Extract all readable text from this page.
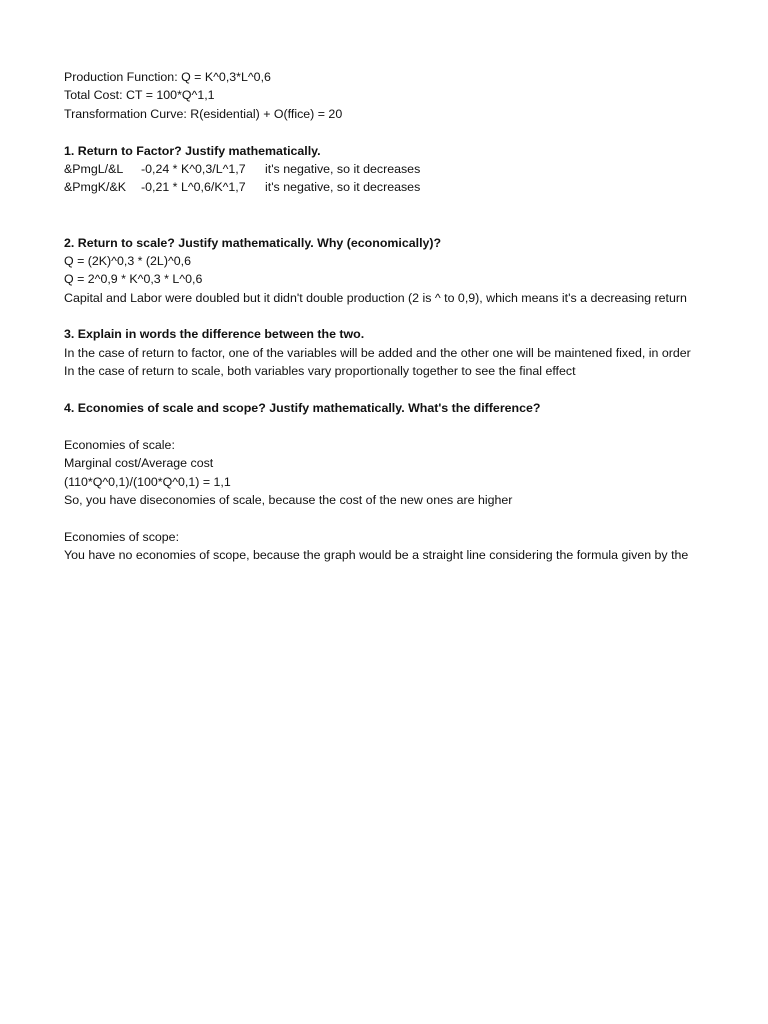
Production Function: Q = K^0,3*L^0,6
Total Cost: CT = 100*Q^1,1
Transformation Curve: R(esidential) + O(ffice) = 20
1. Return to Factor? Justify mathematically.
&PmgL/&L -0,24 * K^0,3/L^1,7 it's negative, so it decreases
&PmgK/&K -0,21 * L^0,6/K^1,7 it's negative, so it decreases
2. Return to scale? Justify mathematically. Why (economically)?
Q = (2K)^0,3 * (2L)^0,6
Q = 2^0,9 * K^0,3 * L^0,6
Capital and Labor were doubled but it didn't double production (2 is ^ to 0,9), which means it's a decreasing return
3. Explain in words the difference between the two.
In the case of return to factor, one of the variables will be added and the other one will be maintened fixed, in order
In the case of return to scale, both variables vary proportionally together to see the final effect
4. Economies of scale and scope? Justify mathematically. What's the difference?
Economies of scale:
Marginal cost/Average cost
(110*Q^0,1)/(100*Q^0,1) = 1,1
So, you have diseconomies of scale, because the cost of the new ones are higher
Economies of scope:
You have no economies of scope, because the graph would be a straight line considering the formula given by the
